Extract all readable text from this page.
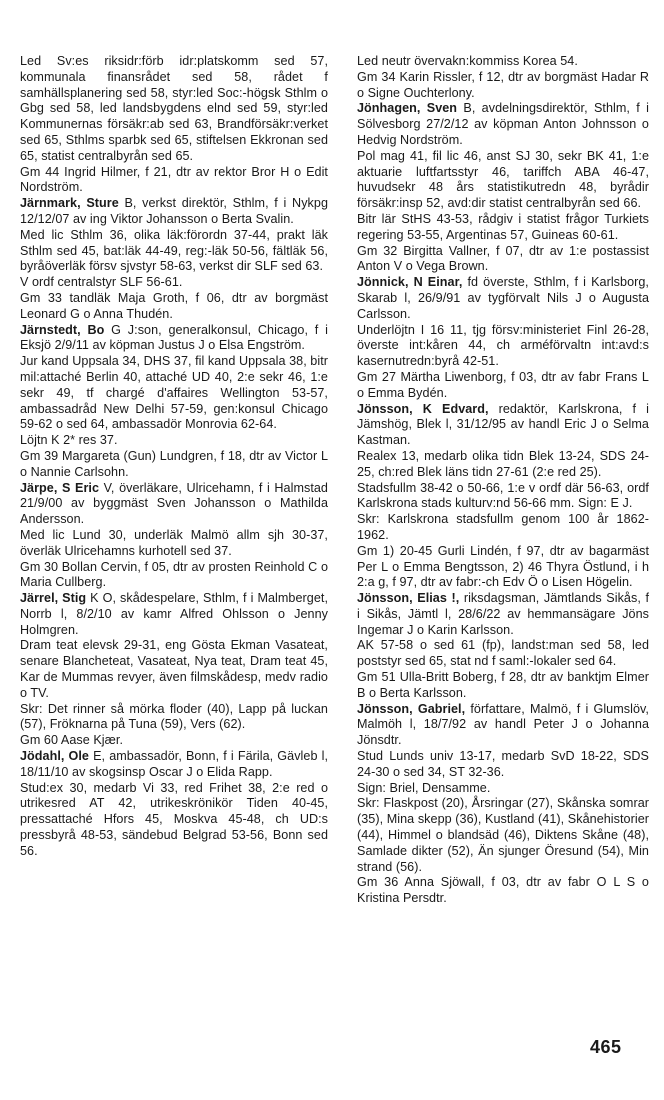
Led Sv:es riksidr:förb idr:platskomm sed 57, kommunala finansrådet sed 58, rådet f samhällsplanering sed 58, styr:led Soc:-högsk Sthlm o Gbg sed 58, led landsbygdens elnd sed 59, styr:led Kommunernas försäkr:ab sed 63, Brandförsäkr:verket sed 65, Sthlms sparbk sed 65, stiftelsen Ekkronan sed 65, statist centralbyrån sed 65.

Gm 44 Ingrid Hilmer, f 21, dtr av rektor Bror H o Edit Nordström.

Järnmark, Sture B, verkst direktör, Sthlm, f i Nykpg 12/12/07 av ing Viktor Johansson o Berta Svalin.

Med lic Sthlm 36, olika läk:förordn 37-44, prakt läk Sthlm sed 45, bat:läk 44-49, reg:-läk 50-56, fältläk 56, byråöverläk försv sjvstyr 58-63, verkst dir SLF sed 63.

V ordf centralstyr SLF 56-61.

Gm 33 tandläk Maja Groth, f 06, dtr av borgmäst Leonard G o Anna Thudén.

Järnstedt, Bo G J:son, generalkonsul, Chicago, f i Eksjö 2/9/11 av köpman Justus J o Elsa Engström.

Jur kand Uppsala 34, DHS 37, fil kand Uppsala 38, bitr mil:attaché Berlin 40, attaché UD 40, 2:e sekr 46, 1:e sekr 49, tf chargé d'affaires Wellington 53-57, ambassadråd New Delhi 57-59, gen:konsul Chicago 59-62 o sed 64, ambassadör Monrovia 62-64.

Löjtn K 2* res 37.

Gm 39 Margareta (Gun) Lundgren, f 18, dtr av Victor L o Nannie Carlsohn.

Järpe, S Eric V, överläkare, Ulricehamn, f i Halmstad 21/9/00 av byggmäst Sven Johansson o Mathilda Andersson.

Med lic Lund 30, underläk Malmö allm sjh 30-37, överläk Ulricehamns kurhotell sed 37.

Gm 30 Bollan Cervin, f 05, dtr av prosten Reinhold C o Maria Cullberg.

Järrel, Stig K O, skådespelare, Sthlm, f i Malmberget, Norrb l, 8/2/10 av kamr Alfred Ohlsson o Jenny Holmgren.

Dram teat elevsk 29-31, eng Gösta Ekman Vasateat, senare Blancheteat, Vasateat, Nya teat, Dram teat 45, Kar de Mummas revyer, även filmskådesp, medv radio o TV.

Skr: Det rinner så mörka floder (40), Lapp på luckan (57), Fröknarna på Tuna (59), Vers (62).

Gm 60 Aase Kjær.

Jödahl, Ole E, ambassadör, Bonn, f i Färila, Gävleb l, 18/11/10 av skogsinsp Oscar J o Elida Rapp.

Stud:ex 30, medarb Vi 33, red Frihet 38, 2:e red o utrikesred AT 42, utrikeskrönikör Tiden 40-45, pressattaché Hfors 45, Moskva 45-48, ch UD:s pressbyrå 48-53, sändebud Belgrad 53-56, Bonn sed 56.

Led neutr övervakn:kommiss Korea 54.

Gm 34 Karin Rissler, f 12, dtr av borgmäst Hadar R o Signe Ouchterlony.

Jönhagen, Sven B, avdelningsdirektör, Sthlm, f i Sölvesborg 27/2/12 av köpman Anton Johnsson o Hedvig Nordström.

Pol mag 41, fil lic 46, anst SJ 30, sekr BK 41, 1:e aktuarie luftfartsstyr 46, tariffch ABA 46-47, huvudsekr 48 års statistikutredn 48, byrådir försäkr:insp 52, avd:dir statist centralbyrån sed 66.

Bitr lär StHS 43-53, rådgiv i statist frågor Turkiets regering 53-55, Argentinas 57, Guineas 60-61.

Gm 32 Birgitta Vallner, f 07, dtr av 1:e postassist Anton V o Vega Brown.

Jönnick, N Einar, fd överste, Sthlm, f i Karlsborg, Skarab l, 26/9/91 av tygförvalt Nils J o Augusta Carlsson.

Underlöjtn I 16 11, tjg försv:ministeriet Finl 26-28, överste int:kåren 44, ch arméförvaltn int:avd:s kasernutredn:byrå 42-51.

Gm 27 Märtha Liwenborg, f 03, dtr av fabr Frans L o Emma Bydén.

Jönsson, K Edvard, redaktör, Karlskrona, f i Jämshög, Blek l, 31/12/95 av handl Eric J o Selma Kastman.

Realex 13, medarb olika tidn Blek 13-24, SDS 24-25, ch:red Blek läns tidn 27-61 (2:e red 25).

Stadsfullm 38-42 o 50-66, 1:e v ordf där 56-63, ordf Karlskrona stads kulturv:nd 56-66 mm. Sign: E J.

Skr: Karlskrona stadsfullm genom 100 år 1862-1962.

Gm 1) 20-45 Gurli Lindén, f 97, dtr av bagarmäst Per L o Emma Bengtsson, 2) 46 Thyra Östlund, i h 2:a g, f 97, dtr av fabr:-ch Edv Ö o Lisen Högelin.

Jönsson, Elias !, riksdagsman, Jämtlands Sikås, f i Sikås, Jämtl l, 28/6/22 av hemmansägare Jöns Ingemar J o Karin Karlsson.

AK 57-58 o sed 61 (fp), landst:man sed 58, led poststyr sed 65, stat nd f saml:-lokaler sed 64.

Gm 51 Ulla-Britt Boberg, f 28, dtr av banktjm Elmer B o Berta Karlsson.

Jönsson, Gabriel, författare, Malmö, f i Glumslöv, Malmöh l, 18/7/92 av handl Peter J o Johanna Jönsdtr.

Stud Lunds univ 13-17, medarb SvD 18-22, SDS 24-30 o sed 34, ST 32-36.

Sign: Briel, Densamme.

Skr: Flaskpost (20), Årsringar (27), Skånska somrar (35), Mina skepp (36), Kustland (41), Skånehistorier (44), Himmel o blandsäd (46), Diktens Skåne (48), Samlade dikter (52), Än sjunger Öresund (54), Min strand (56).

Gm 36 Anna Sjöwall, f 03, dtr av fabr O L S o Kristina Persdtr.

465
